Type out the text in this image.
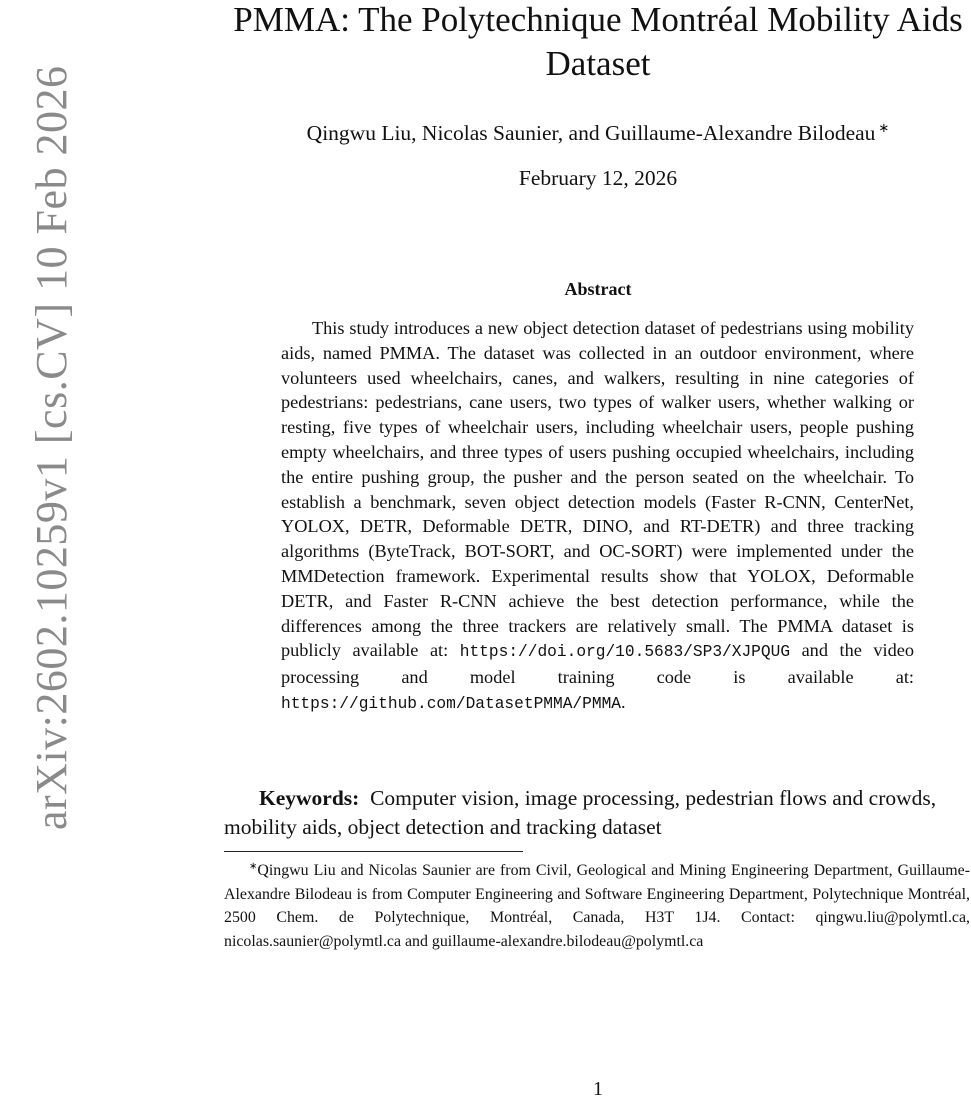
arXiv:2602.10259v1 [cs.CV] 10 Feb 2026
PMMA: The Polytechnique Montréal Mobility Aids Dataset
Qingwu Liu, Nicolas Saunier, and Guillaume-Alexandre Bilodeau ∗
February 12, 2026
Abstract

This study introduces a new object detection dataset of pedestrians using mobility aids, named PMMA. The dataset was collected in an outdoor environment, where volunteers used wheelchairs, canes, and walkers, resulting in nine categories of pedestrians: pedestrians, cane users, two types of walker users, whether walking or resting, five types of wheelchair users, including wheelchair users, people pushing empty wheelchairs, and three types of users pushing occupied wheelchairs, including the entire pushing group, the pusher and the person seated on the wheelchair. To establish a benchmark, seven object detection models (Faster R-CNN, CenterNet, YOLOX, DETR, Deformable DETR, DINO, and RT-DETR) and three tracking algorithms (ByteTrack, BOT-SORT, and OC-SORT) were implemented under the MMDetection framework. Experimental results show that YOLOX, Deformable DETR, and Faster R-CNN achieve the best detection performance, while the differences among the three trackers are relatively small. The PMMA dataset is publicly available at: https://doi.org/10.5683/SP3/XJPQUG and the video processing and model training code is available at: https://github.com/DatasetPMMA/PMMA.

Keywords: Computer vision, image processing, pedestrian flows and crowds, mobility aids, object detection and tracking dataset

∗Qingwu Liu and Nicolas Saunier are from Civil, Geological and Mining Engineering Department, Guillaume-Alexandre Bilodeau is from Computer Engineering and Software Engineering Department, Polytechnique Montréal, 2500 Chem. de Polytechnique, Montréal, Canada, H3T 1J4. Contact: qingwu.liu@polymtl.ca, nicolas.saunier@polymtl.ca and guillaume-alexandre.bilodeau@polymtl.ca

1
